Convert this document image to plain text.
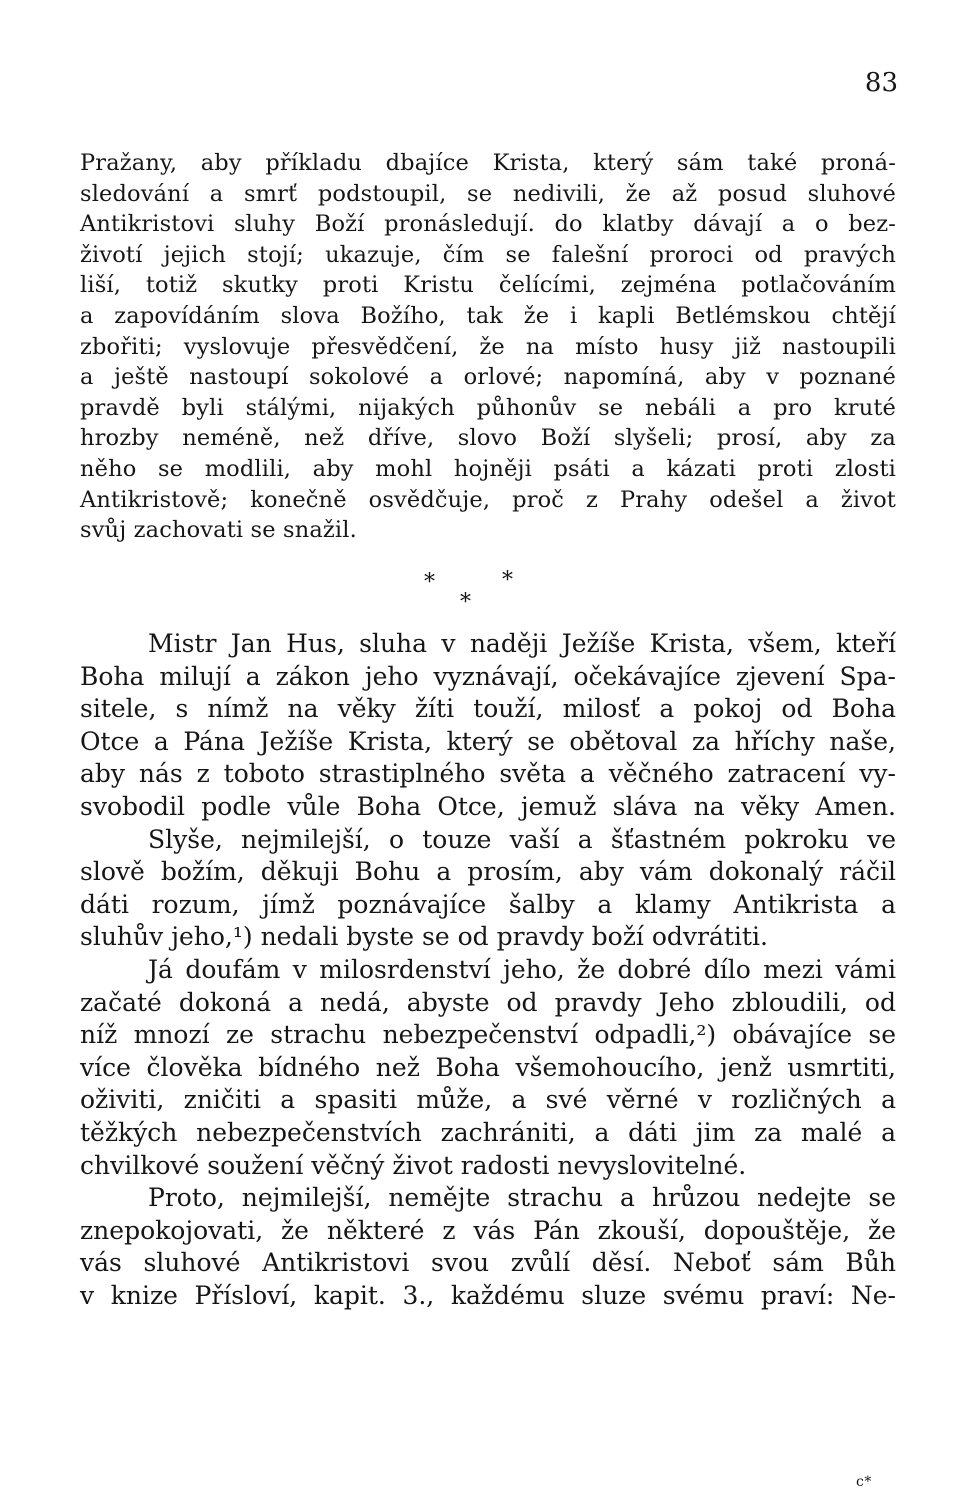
83
Pražany, aby příkladu dbajíce Krista, který sám také proná-
sledování a smrť podstoupil, se nedivili, že až posud sluhové
Antikristovi sluhy Boží pronásledují. do klatby dávají a o bez-
životí jejich stojí; ukazuje, čím se falešní proroci od pravých
liší, totiž skutky proti Kristu čelícími, zejména potlačováním
a zapovídáním slova Božího, tak že i kapli Betlémskou chtějí
zbořiti; vyslovuje přesvědčení, že na místo husy již nastoupili
a ještě nastoupí sokolové a orlové; napomíná, aby v poznané
pravdě byli stálými, nijakých půhonův se nebáli a pro kruté
hrozby neméně, než dříve, slovo Boží slyšeli; prosí, aby za
něho se modlili, aby mohl hojněji psáti a kázati proti zlosti
Antikristově; konečně osvědčuje, proč z Prahy odešel a život
svůj zachovati se snažil.
*
*
*
Mistr Jan Hus, sluha v naději Ježíše Krista, všem, kteří
Boha milují a zákon jeho vyznávají, očekávajíce zjevení Spa-
sitele, s nímž na věky žíti touží, milosť a pokoj od Boha
Otce a Pána Ježíše Krista, který se obětoval za hříchy naše,
aby nás z toboto strastiplného světa a věčného zatracení vy-
svobodil podle vůle Boha Otce, jemuž sláva na věky Amen.
Slyše, nejmilejší, o touze vaší a šťastném pokroku ve
slově božím, děkuji Bohu a prosím, aby vám dokonalý ráčil
dáti rozum, jímž poznávajíce šalby a klamy Antikrista a
sluhův jeho,¹) nedali byste se od pravdy boží odvrátiti.
Já doufám v milosrdenství jeho, že dobré dílo mezi vámi
začaté dokoná a nedá, abyste od pravdy Jeho zbloudili, od
níž mnozí ze strachu nebezpečenství odpadli,²) obávajíce se
více člověka bídného než Boha všemohoucího, jenž usmrtiti,
oživiti, zničiti a spasiti může, a své věrné v rozličných a
těžkých nebezpečenstvích zachrániti, a dáti jim za malé a
chvilkové soužení věčný život radosti nevyslovitelné.
Proto, nejmilejší, nemějte strachu a hrůzou nedejte se
znepokojovati, že některé z vás Pán zkouší, dopouštěje, že
vás sluhové Antikristovi svou zvůlí děsí. Neboť sám Bůh
v knize Přísloví, kapit. 3., každému sluze svému praví: Ne-
c*
